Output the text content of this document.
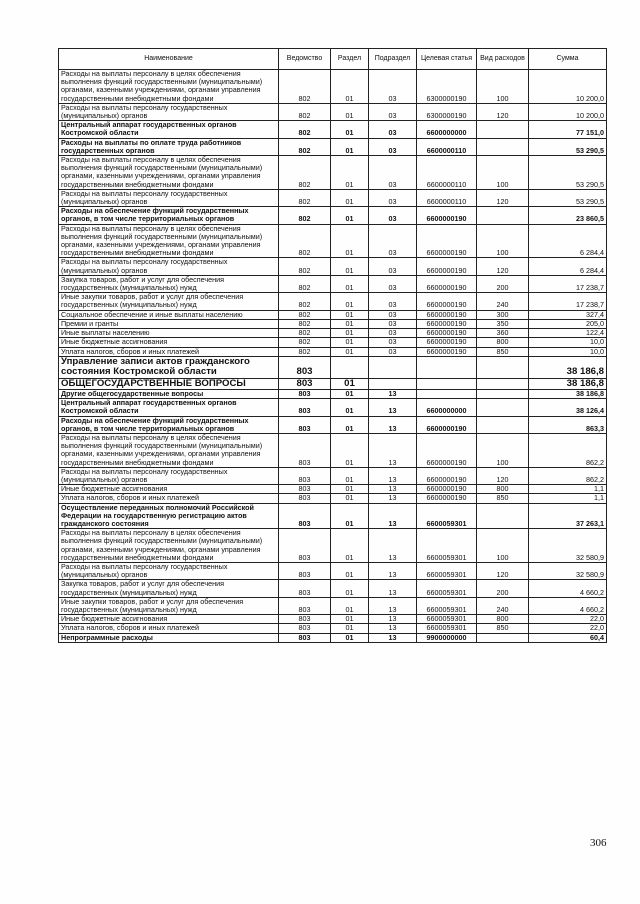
Наименование	Ведомство	Раздел	Подраздел	Целевая статья	Вид расходов	Сумма
Расходы на выплаты персоналу в целях обеспечения выполнения функций государственными (муниципальными) органами, казенными учреждениями, органами управления государственными внебюджетными фондами	802	01	03	6300000190	100	10 200,0
Расходы на выплаты персоналу государственных (муниципальных) органов	802	01	03	6300000190	120	10 200,0
Центральный аппарат государственных органов Костромской области	802	01	03	6600000000		77 151,0
Расходы на выплаты по оплате труда работников государственных органов	802	01	03	6600000110		53 290,5
Расходы на выплаты персоналу в целях обеспечения выполнения функций государственными (муниципальными) органами, казенными учреждениями, органами управления государственными внебюджетными фондами	802	01	03	6600000110	100	53 290,5
Расходы на выплаты персоналу государственных (муниципальных) органов	802	01	03	6600000110	120	53 290,5
Расходы на обеспечение функций государственных органов, в том числе территориальных органов	802	01	03	6600000190		23 860,5
Расходы на выплаты персоналу в целях обеспечения выполнения функций государственными (муниципальными) органами, казенными учреждениями, органами управления государственными внебюджетными фондами	802	01	03	6600000190	100	6 284,4
Расходы на выплаты персоналу государственных (муниципальных) органов	802	01	03	6600000190	120	6 284,4
Закупка товаров, работ и услуг для обеспечения государственных (муниципальных) нужд	802	01	03	6600000190	200	17 238,7
Иные закупки товаров, работ и услуг для обеспечения государственных (муниципальных) нужд	802	01	03	6600000190	240	17 238,7
Социальное обеспечение и иные выплаты населению	802	01	03	6600000190	300	327,4
Премии и гранты	802	01	03	6600000190	350	205,0
Иные выплаты населению	802	01	03	6600000190	360	122,4
Иные бюджетные ассигнования	802	01	03	6600000190	800	10,0
Уплата налогов, сборов и иных платежей	802	01	03	6600000190	850	10,0
Управление записи актов гражданского состояния Костромской области	803					38 186,8
ОБЩЕГОСУДАРСТВЕННЫЕ ВОПРОСЫ	803	01				38 186,8
Другие общегосударственные вопросы	803	01	13			38 186,8
Центральный аппарат государственных органов Костромской области	803	01	13	6600000000		38 126,4
Расходы на обеспечение функций государственных органов, в том числе территориальных органов	803	01	13	6600000190		863,3
Расходы на выплаты персоналу в целях обеспечения выполнения функций государственными (муниципальными) органами, казенными учреждениями, органами управления государственными внебюджетными фондами	803	01	13	6600000190	100	862,2
Расходы на выплаты персоналу государственных (муниципальных) органов	803	01	13	6600000190	120	862,2
Иные бюджетные ассигнования	803	01	13	6600000190	800	1,1
Уплата налогов, сборов и иных платежей	803	01	13	6600000190	850	1,1
Осуществление переданных полномочий Российской Федерации на государственную регистрацию актов гражданского состояния	803	01	13	6600059301		37 263,1
Расходы на выплаты персоналу в целях обеспечения выполнения функций государственными (муниципальными) органами, казенными учреждениями, органами управления государственными внебюджетными фондами	803	01	13	6600059301	100	32 580,9
Расходы на выплаты персоналу государственных (муниципальных) органов	803	01	13	6600059301	120	32 580,9
Закупка товаров, работ и услуг для обеспечения государственных (муниципальных) нужд	803	01	13	6600059301	200	4 660,2
Иные закупки товаров, работ и услуг для обеспечения государственных (муниципальных) нужд	803	01	13	6600059301	240	4 660,2
Иные бюджетные ассигнования	803	01	13	6600059301	800	22,0
Уплата налогов, сборов и иных платежей	803	01	13	6600059301	850	22,0
Непрограммные расходы	803	01	13	9900000000		60,4
306
